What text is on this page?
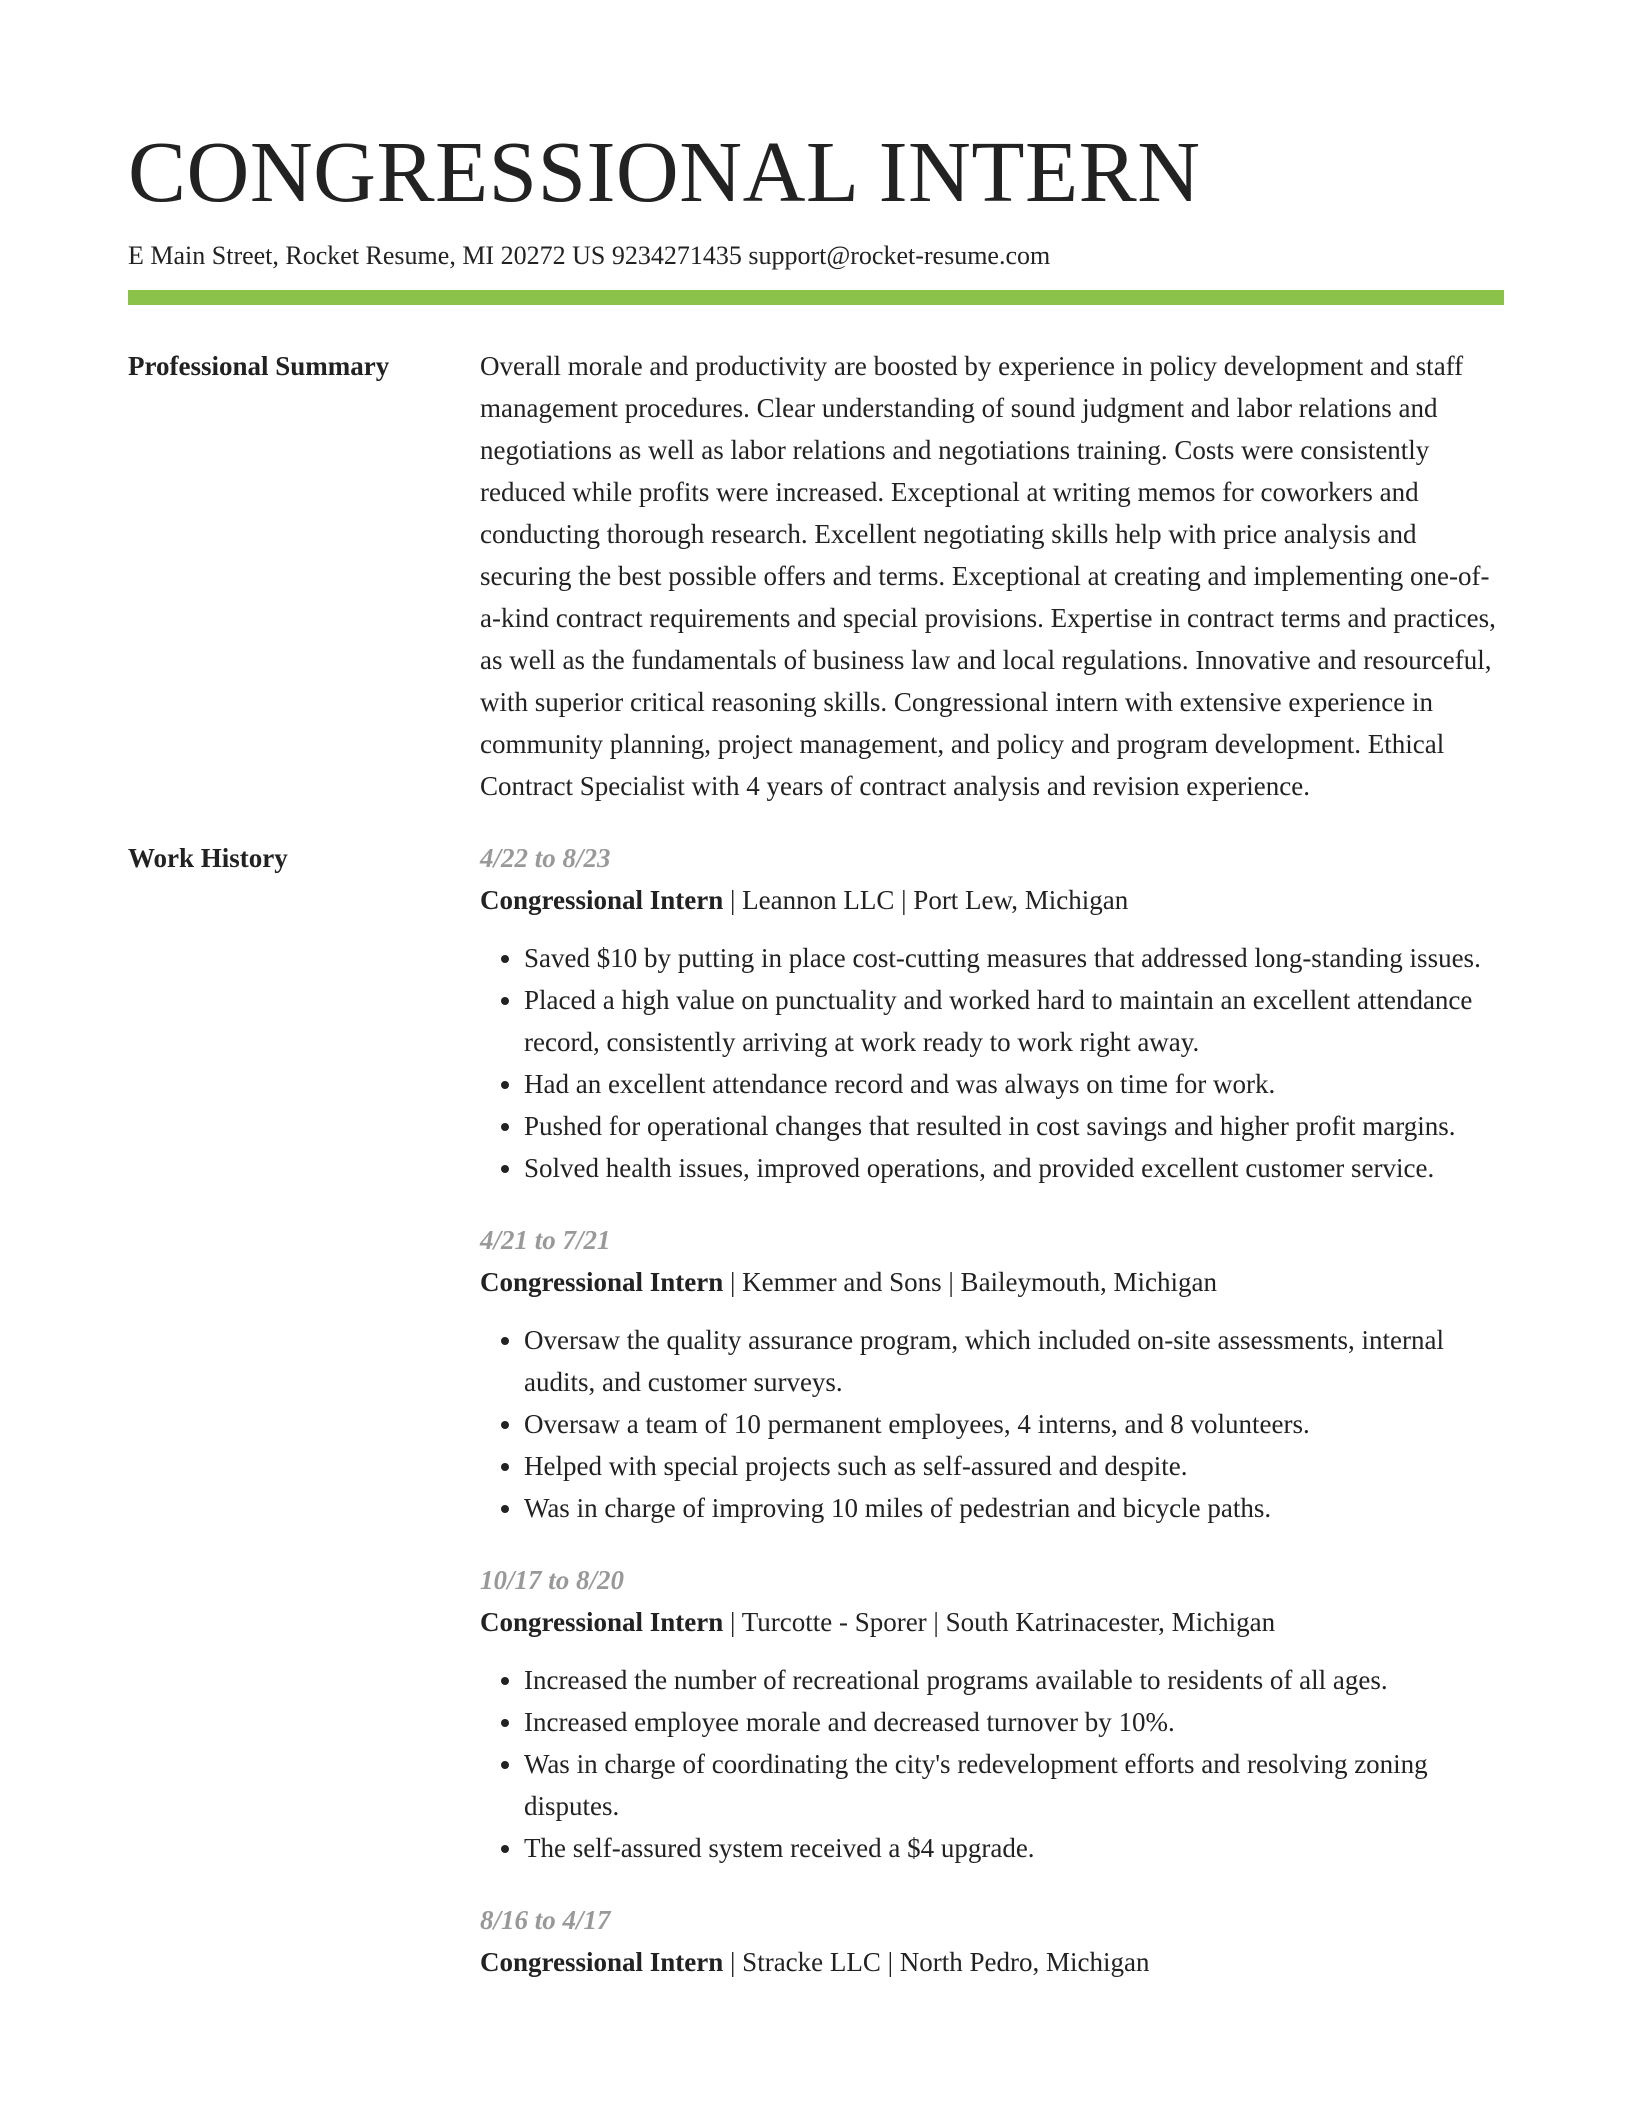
CONGRESSIONAL INTERN
E Main Street, Rocket Resume, MI 20272 US 9234271435 support@rocket-resume.com
Professional Summary	Overall morale and productivity are boosted by experience in policy development and staff management procedures. Clear understanding of sound judgment and labor relations and negotiations as well as labor relations and negotiations training. Costs were consistently reduced while profits were increased. Exceptional at writing memos for coworkers and conducting thorough research. Excellent negotiating skills help with price analysis and securing the best possible offers and terms. Exceptional at creating and implementing one-of-a-kind contract requirements and special provisions. Expertise in contract terms and practices, as well as the fundamentals of business law and local regulations. Innovative and resourceful, with superior critical reasoning skills. Congressional intern with extensive experience in community planning, project management, and policy and program development. Ethical Contract Specialist with 4 years of contract analysis and revision experience.

Work History	4/22 to 8/23
Congressional Intern | Leannon LLC | Port Lew, Michigan
• Saved $10 by putting in place cost-cutting measures that addressed long-standing issues.
• Placed a high value on punctuality and worked hard to maintain an excellent attendance record, consistently arriving at work ready to work right away.
• Had an excellent attendance record and was always on time for work.
• Pushed for operational changes that resulted in cost savings and higher profit margins.
• Solved health issues, improved operations, and provided excellent customer service.
4/21 to 7/21
Congressional Intern | Kemmer and Sons | Baileymouth, Michigan
• Oversaw the quality assurance program, which included on-site assessments, internal audits, and customer surveys.
• Oversaw a team of 10 permanent employees, 4 interns, and 8 volunteers.
• Helped with special projects such as self-assured and despite.
• Was in charge of improving 10 miles of pedestrian and bicycle paths.
10/17 to 8/20
Congressional Intern | Turcotte - Sporer | South Katrinacester, Michigan
• Increased the number of recreational programs available to residents of all ages.
• Increased employee morale and decreased turnover by 10%.
• Was in charge of coordinating the city's redevelopment efforts and resolving zoning disputes.
• The self-assured system received a $4 upgrade.
8/16 to 4/17
Congressional Intern | Stracke LLC | North Pedro, Michigan
